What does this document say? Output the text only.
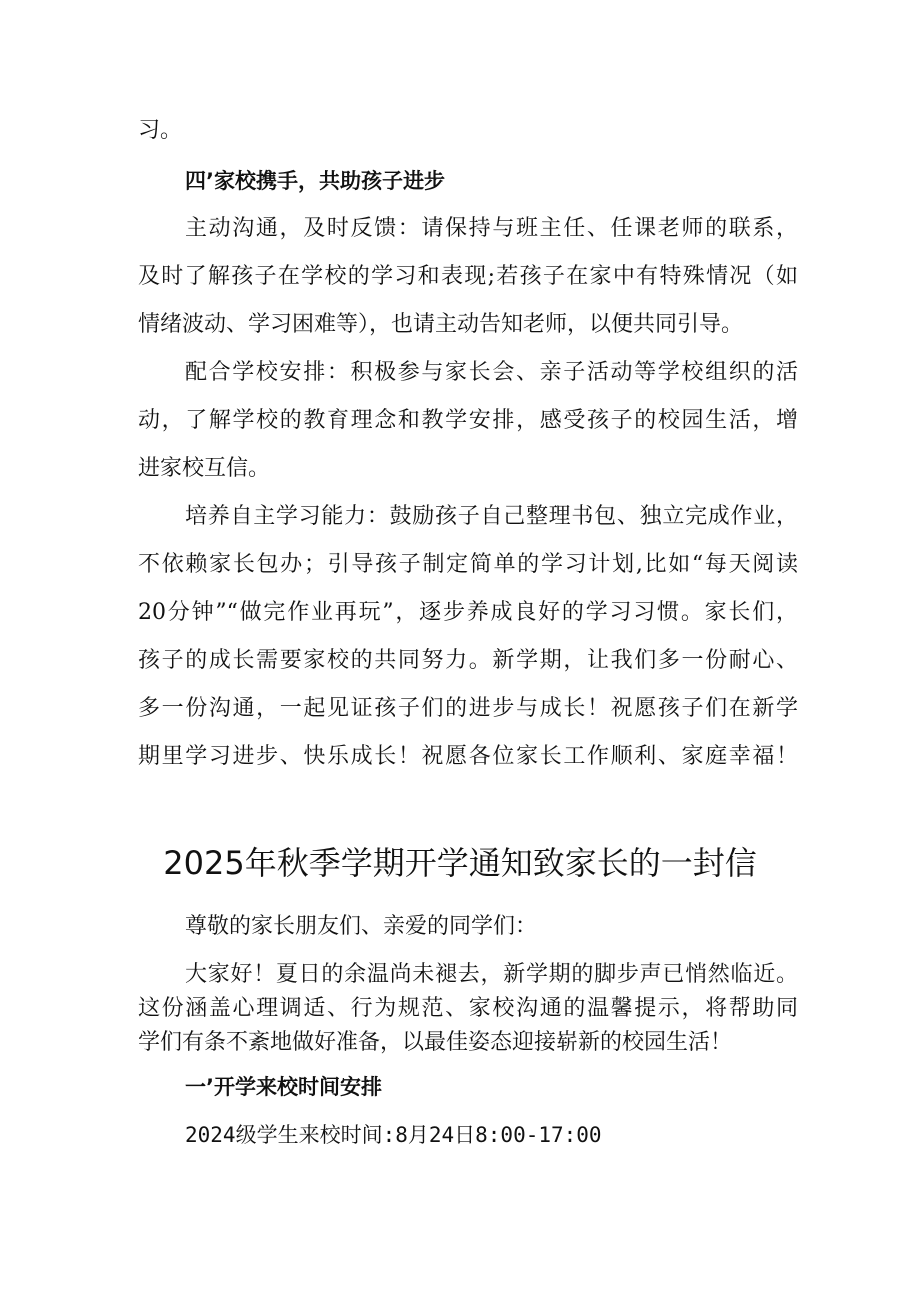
习。
四’家校携手，共助孩子进步
主动沟通，及时反馈：请保持与班主任、任课老师的联系，
及时了解孩子在学校的学习和表现;若孩子在家中有特殊情况（如
情绪波动、学习困难等），也请主动告知老师，以便共同引导。
配合学校安排：积极参与家长会、亲子活动等学校组织的活
动，了解学校的教育理念和教学安排，感受孩子的校园生活，增
进家校互信。
培养自主学习能力：鼓励孩子自己整理书包、独立完成作业，
不依赖家长包办；引导孩子制定简单的学习计划,比如“每天阅读
20分钟”“做完作业再玩”，逐步养成良好的学习习惯。家长们，
孩子的成长需要家校的共同努力。新学期，让我们多一份耐心、
多一份沟通，一起见证孩子们的进步与成长！祝愿孩子们在新学
期里学习进步、快乐成长！祝愿各位家长工作顺利、家庭幸福！
2025年秋季学期开学通知致家长的一封信
尊敬的家长朋友们、亲爱的同学们：
大家好！夏日的余温尚未褪去，新学期的脚步声已悄然临近。
这份涵盖心理调适、行为规范、家校沟通的温馨提示，将帮助同
学们有条不紊地做好准备，以最佳姿态迎接崭新的校园生活！
一’开学来校时间安排
2024级学生来校时间:8月24日8:00-17:00
